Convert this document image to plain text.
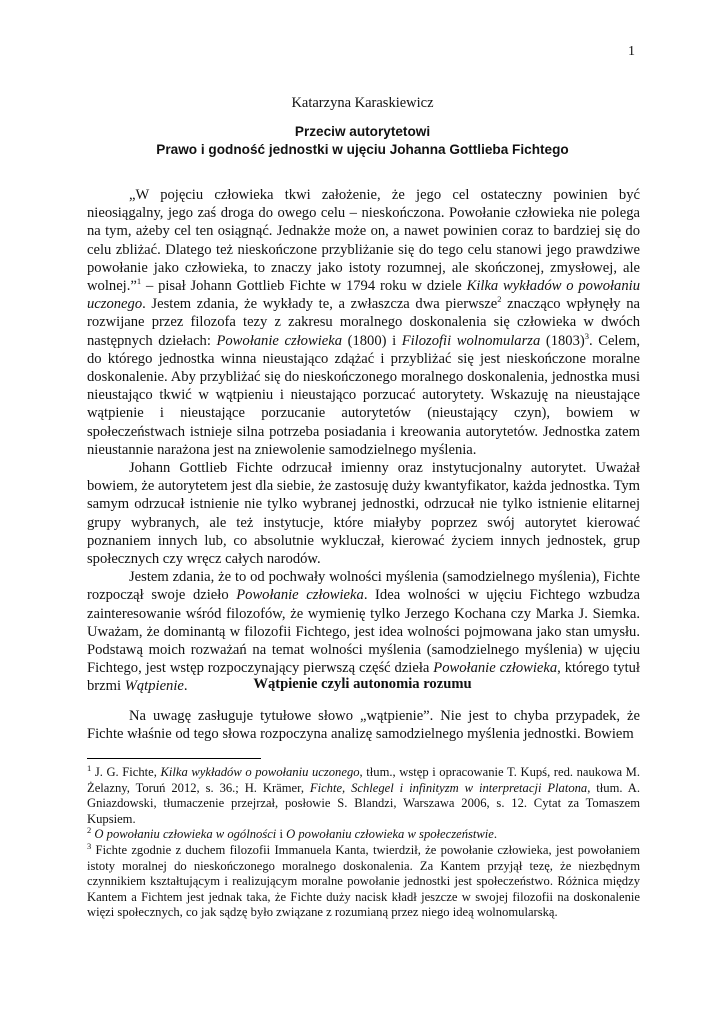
1
Katarzyna Karaskiewicz
Przeciw autorytetowi
Prawo i godność jednostki w ujęciu Johanna Gottlieba Fichtego

„W pojęciu człowieka tkwi założenie, że jego cel ostateczny powinien być nieosiągalny, jego zaś droga do owego celu – nieskończona. Powołanie człowieka nie polega na tym, ażeby cel ten osiągnąć. Jednakże może on, a nawet powinien coraz to bardziej się do celu zbliżać. Dlatego też nieskończone przybliżanie się do tego celu stanowi jego prawdziwe powołanie jako człowieka, to znaczy jako istoty rozumnej, ale skończonej, zmysłowej, ale wolnej.”$^1$ – pisał Johann Gottlieb Fichte w 1794 roku w dziele Kilka wykładów o powołaniu uczonego. Jestem zdania, że wykłady te, a zwłaszcza dwa pierwsze$^2$ znacząco wpłynęły na rozwijane przez filozofa tezy z zakresu moralnego doskonalenia się człowieka w dwóch następnych dziełach: Powołanie człowieka (1800) i Filozofii wolnomularza $(1803)^3$. Celem, do którego jednostka winna nieustająco zdążać i przybliżać się jest nieskończone moralne doskonalenie. Aby przybliżać się do nieskończonego moralnego doskonalenia, jednostka musi nieustająco tkwić w wątpieniu i nieustająco porzucać autorytety. Wskazuję na nieustające wątpienie i nieustające porzucanie autorytetów (nieustający czyn), bowiem w społeczeństwach istnieje silna potrzeba posiadania i kreowania autorytetów. Jednostka zatem nieustannie narażona jest na zniewolenie samodzielnego myślenia.

Johann Gottlieb Fichte odrzucał imienny oraz instytucjonalny autorytet. Uważał bowiem, że autorytetem jest dla siebie, że zastosuję duży kwantyfikator, każda jednostka. Tym samym odrzucał istnienie nie tylko wybranej jednostki, odrzucał nie tylko istnienie elitarnej grupy wybranych, ale też instytucje, które miałyby poprzez swój autorytet kierować poznaniem innych lub, co absolutnie wykluczał, kierować życiem innych jednostek, grup społecznych czy wręcz całych narodów.

Jestem zdania, że to od pochwały wolności myślenia (samodzielnego myślenia), Fichte rozpoczął swoje dzieło Powołanie człowieka. Idea wolności w ujęciu Fichtego wzbudza zainteresowanie wśród filozofów, że wymienię tylko Jerzego Kochana czy Marka J. Siemka. Uważam, że dominantą w filozofii Fichtego, jest idea wolności pojmowana jako stan umysłu. Podstawą moich rozważań na temat wolności myślenia (samodzielnego myślenia) w ujęciu Fichtego, jest wstęp rozpoczynający pierwszą część dzieła Powołanie człowieka, którego tytuł brzmi Wątpienie.	Wątpienie czyli autonomia rozumu

Na uwagę zasługuje tytułowe słowo „wątpienie”. Nie jest to chyba przypadek, że Fichte właśnie od tego słowa rozpoczyna analizę samodzielnego myślenia jednostki. Bowiem

$^1$ J. G. Fichte, Kilka wykładów o powołaniu uczonego, tłum., wstęp i opracowanie T. Kupś, red. naukowa M. Żelazny, Toruń 2012, s. 36.; H. Krämer, Fichte, Schlegel i infinityzm w interpretacji Platona, tłum. A. Gniazdowski, tłumaczenie przejrzał, posłowie S. Blandzi, Warszawa 2006, s. 12. Cytat za Tomaszem Kupsiem.
$^2$ O powołaniu człowieka w ogólności i O powołaniu człowieka w społeczeństwie.
$^3$ Fichte zgodnie z duchem filozofii Immanuela Kanta, twierdził, że powołanie człowieka, jest powołaniem istoty moralnej do nieskończonego moralnego doskonalenia. Za Kantem przyjął tezę, że niezbędnym czynnikiem kształtującym i realizującym moralne powołanie jednostki jest społeczeństwo. Różnica między Kantem a Fichtem jest jednak taka, że Fichte duży nacisk kładł jeszcze w swojej filozofii na doskonalenie więzi społecznych, co jak sądzę było związane z rozumianą przez niego ideą wolnomularską.
